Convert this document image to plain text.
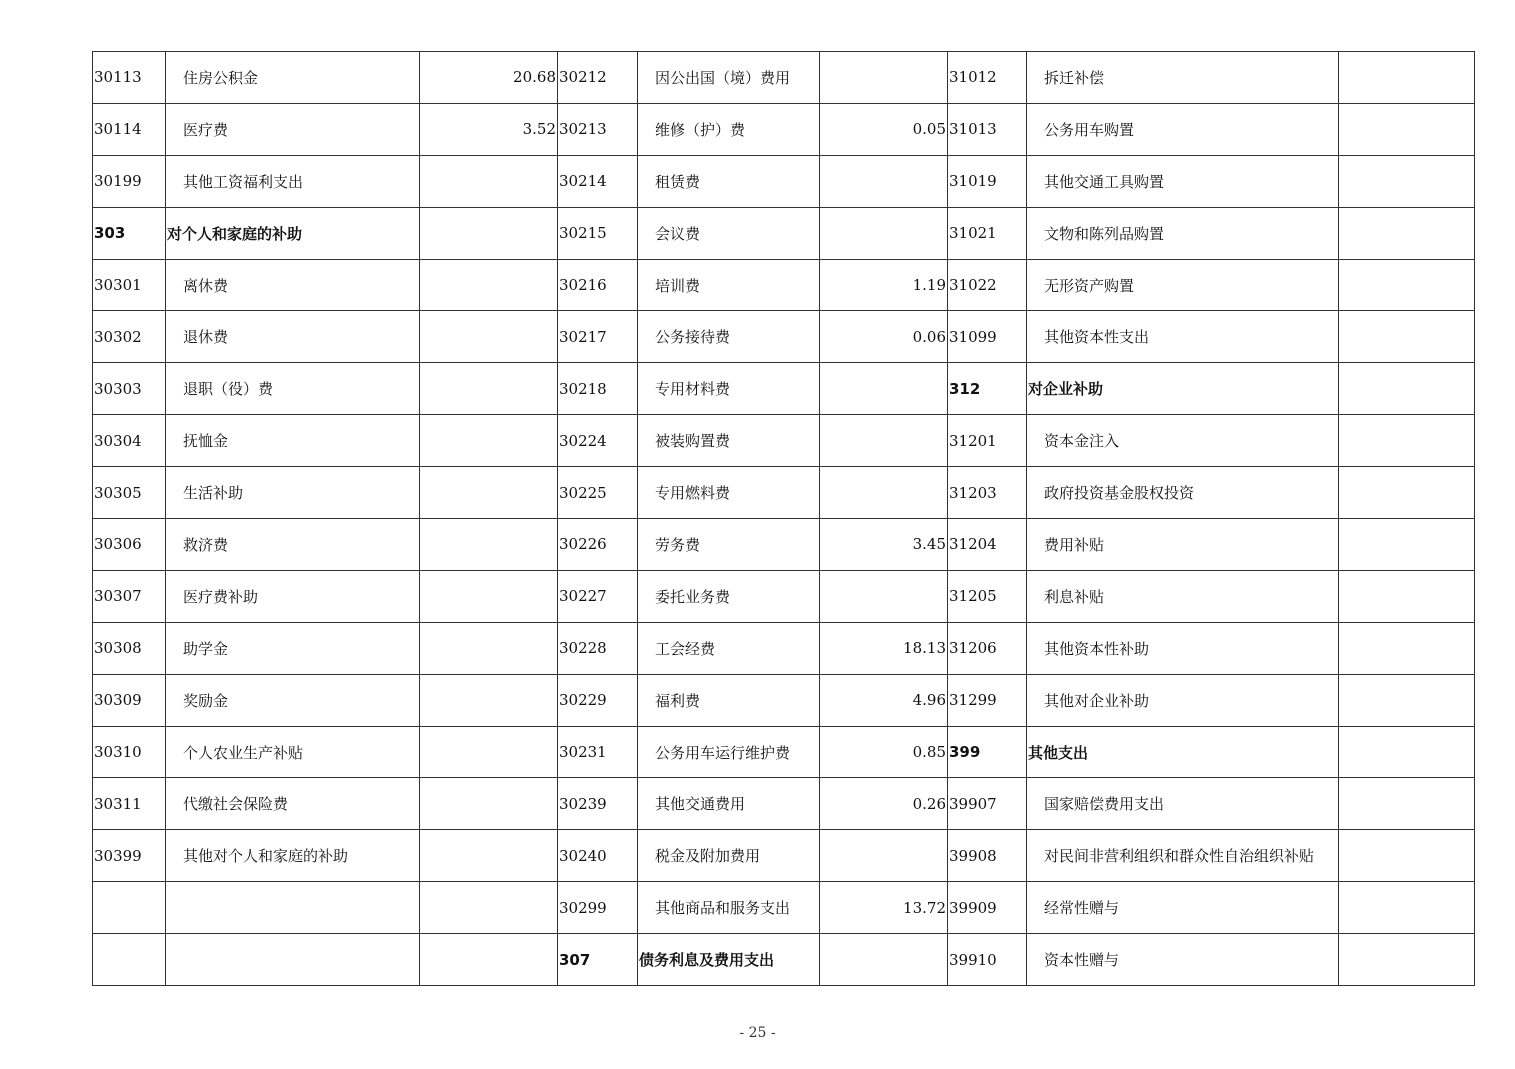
30113	住房公积金	20.68	30212	因公出国（境）费用		31012	拆迁补偿	
30114	医疗费	3.52	30213	维修（护）费	0.05	31013	公务用车购置	
30199	其他工资福利支出		30214	租赁费		31019	其他交通工具购置	
303	对个人和家庭的补助		30215	会议费		31021	文物和陈列品购置	
30301	离休费		30216	培训费	1.19	31022	无形资产购置	
30302	退休费		30217	公务接待费	0.06	31099	其他资本性支出	
30303	退职（役）费		30218	专用材料费		312	对企业补助	
30304	抚恤金		30224	被装购置费		31201	资本金注入	
30305	生活补助		30225	专用燃料费		31203	政府投资基金股权投资	
30306	救济费		30226	劳务费	3.45	31204	费用补贴	
30307	医疗费补助		30227	委托业务费		31205	利息补贴	
30308	助学金		30228	工会经费	18.13	31206	其他资本性补助	
30309	奖励金		30229	福利费	4.96	31299	其他对企业补助	
30310	个人农业生产补贴		30231	公务用车运行维护费	0.85	399	其他支出	
30311	代缴社会保险费		30239	其他交通费用	0.26	39907	国家赔偿费用支出	
30399	其他对个人和家庭的补助		30240	税金及附加费用		39908	对民间非营利组织和群众性自治组织补贴	
			30299	其他商品和服务支出	13.72	39909	经常性赠与	
			307	债务利息及费用支出		39910	资本性赠与	
- 25 -
